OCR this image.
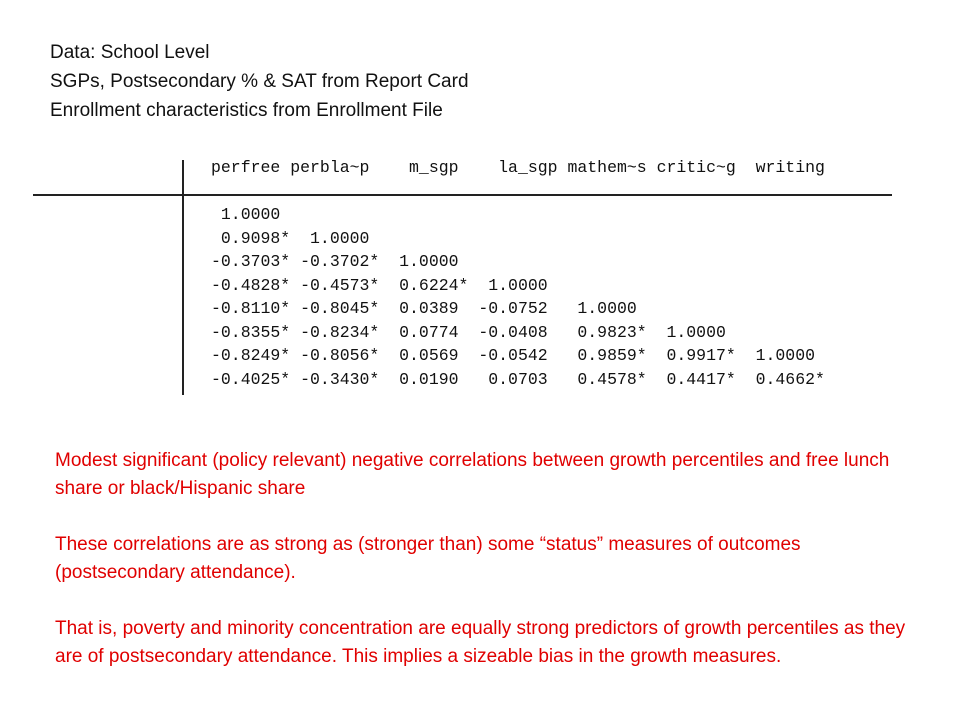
Data: School Level
SGPs, Postsecondary % & SAT from Report Card
Enrollment characteristics from Enrollment File

perfree perbla~p    m_sgp    la_sgp mathem~s critic~g  writing

1.0000
0.9098*  1.0000
-0.3703* -0.3702*  1.0000
-0.4828* -0.4573*  0.6224*  1.0000
-0.8110* -0.8045*  0.0389  -0.0752   1.0000
-0.8355* -0.8234*  0.0774  -0.0408   0.9823*  1.0000
-0.8249* -0.8056*  0.0569  -0.0542   0.9859*  0.9917*  1.0000
-0.4025* -0.3430*  0.0190   0.0703   0.4578*  0.4417*  0.4662*

Modest significant (policy relevant) negative correlations between growth percentiles and free lunch share or black/Hispanic share

These correlations are as strong as (stronger than) some “status” measures of outcomes (postsecondary attendance).

That is, poverty and minority concentration are equally strong predictors of growth percentiles as they are of postsecondary attendance. This implies a sizeable bias in the growth measures.
